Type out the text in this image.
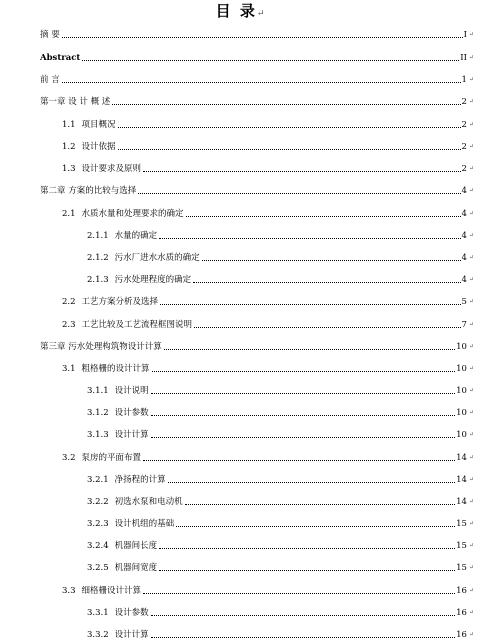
目 录↵
摘 要	I ↵
Abstract	II ↵
前 言	1 ↵
第一章 设 计 概 述	2 ↵
1.1 项目概况	2 ↵
1.2 设计依据	2 ↵
1.3 设计要求及原则	2 ↵
第二章 方案的比较与选择	4 ↵
2.1 水质水量和处理要求的确定	4 ↵
2.1.1 水量的确定	4 ↵
2.1.2 污水厂进水水质的确定	4 ↵
2.1.3 污水处理程度的确定	4 ↵
2.2 工艺方案分析及选择	5 ↵
2.3 工艺比较及工艺流程框图说明	7 ↵
第三章 污水处理构筑物设计计算	10 ↵
3.1 粗格栅的设计计算	10 ↵
3.1.1 设计说明	10 ↵
3.1.2 设计参数	10 ↵
3.1.3 设计计算	10 ↵
3.2 泵房的平面布置	14 ↵
3.2.1 净扬程的计算	14 ↵
3.2.2 初选水泵和电动机	14 ↵
3.2.3 设计机组的基础	15 ↵
3.2.4 机器间长度	15 ↵
3.2.5 机器间宽度	15 ↵
3.3 细格栅设计计算	16 ↵
3.3.1 设计参数	16 ↵
3.3.2 设计计算	16 ↵
